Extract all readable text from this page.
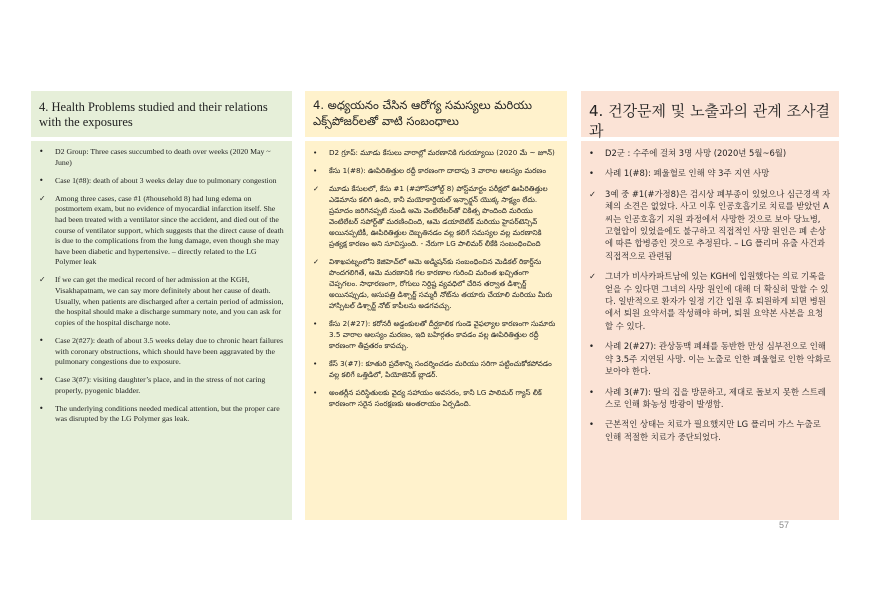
4. Health Problems studied and their relations with the exposures
• D2 Group: Three cases succumbed to death over weeks (2020 May ~ June)
• Case 1(#8): death of about 3 weeks delay due to pulmonary congestion
✓ Among three cases, case #1 (#household 8) had lung edema on postmortem exam, but no evidence of myocardial infarction itself. She had been treated with a ventilator since the accident, and died out of the course of ventilator support, which suggests that the direct cause of death is due to the complications from the lung damage, even though she may have been diabetic and hypertensive. – directly related to the LG Polymer leak
✓ If we can get the medical record of her admission at the KGH, Visakhapatnam, we can say more definitely about her cause of death. Usually, when patients are discharged after a certain period of admission, the hospital should make a discharge summary note, and you can ask for copies of the hospital discharge note.
• Case 2(#27): death of about 3.5 weeks delay due to chronic heart failures with coronary obstructions, which should have been aggravated by the pulmonary congestions due to exposure.
• Case 3(#7): visiting daughter’s place, and in the stress of not caring properly, pyogenic bladder.
• The underlying conditions needed medical attention, but the proper care was disrupted by the LG Polymer gas leak.
4. అధ్యయనం చేసిన ఆరోగ్య సమస్యలు మరియు ఎక్స్‌పోజర్‌లతో వాటి సంబంధాలు
• D2 గ్రూప్: మూడు కేసులు వారాల్లో మరణానికి గురయ్యాయి (2020 మే ~ జూన్)
• కేసు 1(#8): ఊపిరితిత్తుల రద్దీ కారణంగా దాదాపు 3 వారాల ఆలస్యం మరణం
✓ మూడు కేసులలో, కేసు #1 (#హౌస్‌హోల్డ్ 8) పోస్ట్‌మార్టం పరీక్షలో ఊపిరితిత్తుల ఎడెమాను కలిగి ఉంది, కానీ మయోకార్డియల్ ఇన్ఫార్క్షన్ యొక్క సాక్ష్యం లేదు. ప్రమాదం జరిగినప్పటి నుండి ఆమె వెంటిలేటర్‌తో చికిత్స పొందింది మరియు వెంటిలేటర్ సపోర్ట్‌తో మరణించింది, ఆమె డయాబెటిక్ మరియు హైపర్‌టెన్సివ్ అయినప్పటికీ, ఊపిరితిత్తుల దెబ్బతినడం వల్ల కలిగే సమస్యల వల్ల మరణానికి ప్రత్యక్ష కారణం అని సూచిస్తుంది. - నేరుగా LG పాలిమర్ లీకేకి సంబంధించింది
✓ విశాఖపట్నంలోని కెజిహెచ్‌లో ఆమె అడ్మిషన్‌కు సంబంధించిన మెడికల్ రికార్డ్‌ను పొందగలిగితే, ఆమె మరణానికి గల కారణాల గురించి మరింత ఖచ్చితంగా చెప్పగలం. సాధారణంగా, రోగులు నిర్దిష్ట వ్యవధిలో చేరిన తర్వాత డిశ్చార్జ్ అయినప్పుడు, ఆసుపత్రి డిశ్చార్జ్ సమ్మరీ నోట్‌ను తయారు చేయాలి మరియు మీరు హాస్పిటల్ డిశ్చార్జ్ నోట్ కాపీలను అడగవచ్చు.
• కేసు 2(#27): కరోనరీ అడ్డంకులతో దీర్ఘకాలిక గుండె వైఫల్యాల కారణంగా సుమారు 3.5 వారాల ఆలస్యం మరణం, ఇది బహిర్గతం కావడం వల్ల ఊపిరితిత్తుల రద్దీ కారణంగా తీవ్రతరం కావచ్చు.
• కేస్ 3(#7): కూతురి ప్రదేశాన్ని సందర్శించడం మరియు సరిగా పట్టించుకోకపోవడం వల్ల కలిగే ఒత్తిడిలో, పియోజెనిక్ బ్లాడర్.
• అంతర్లీన పరిస్థితులకు వైద్య సహాయం అవసరం, కానీ LG పాలిమర్ గ్యాస్ లీక్ కారణంగా సరైన సంరక్షణకు అంతరాయం ఏర్పడింది.
4. 건강문제 및 노출과의 관계 조사결과
• D2군 : 수주에 걸쳐 3명 사망 (2020년 5월~6월)
• 사례 1(#8): 폐울혈로 인해 약 3주 지연 사망
✓ 3예 중 #1(#가정8)은 검시상 폐부종이 있었으나 심근경색 자체의 소견은 없었다. 사고 이후 인공호흡기로 치료를 받았던 A씨는 인공호흡기 지원 과정에서 사망한 것으로 보아 당뇨병, 고혈압이 있었을에도 불구하고 직접적인 사망 원인은 폐 손상에 따른 합병증인 것으로 추정된다. – LG 폴리머 유출 사건과 직접적으로 관련됨
✓ 그녀가 비사카파트남에 있는 KGH에 입원했다는 의료 기록을 얻을 수 있다면 그녀의 사망 원인에 대해 더 확실히 말할 수 있다. 일반적으로 환자가 일정 기간 입원 후 퇴원하게 되면 병원에서 퇴원 요약서를 작성해야 하며, 퇴원 요약본 사본을 요청할 수 있다.
• 사례 2(#27): 관상동맥 폐쇄를 동반한 만성 심부전으로 인해 약 3.5주 지연된 사망. 이는 노출로 인한 폐울혈로 인한 악화로 보아야 한다.
• 사례 3(#7): 딸의 집을 방문하고, 제대로 돌보지 못한 스트레스로 인해 화농성 방광이 발생함.
• 근본적인 상태는 치료가 필요했지만 LG 폴리머 가스 누출로 인해 적절한 치료가 중단되었다.
57
